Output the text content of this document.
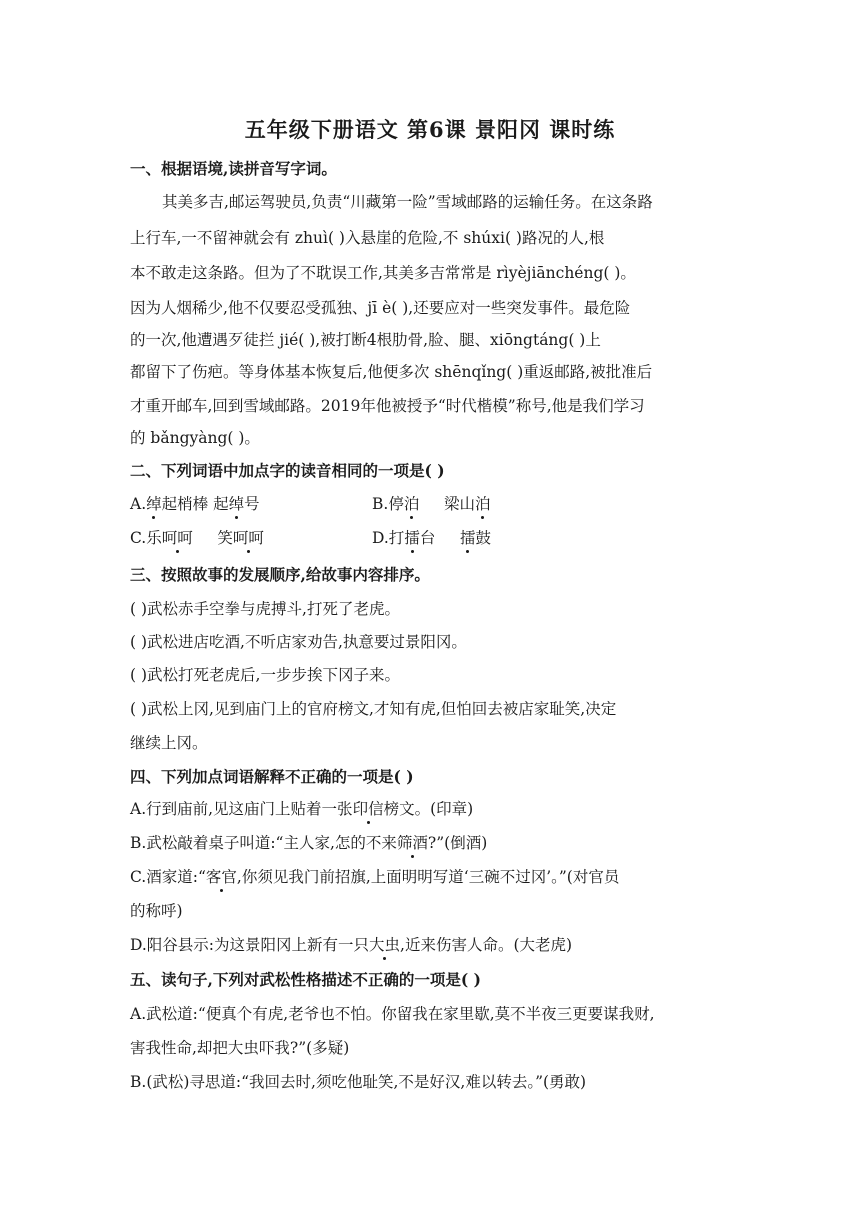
五年级下册语文 第6课 景阳冈 课时练
一、根据语境,读拼音写字词。
其美多吉,邮运驾驶员,负责“川藏第一险”雪域邮路的运输任务。在这条路
上行车,一不留神就会有 zhuì( )入悬崖的危险,不 shúxi( )路况的人,根
本不敢走这条路。但为了不耽误工作,其美多吉常常是 rìyèjiānchéng( )。
因为人烟稀少,他不仅要忍受孤独、jī è( ),还要应对一些突发事件。最危险
的一次,他遭遇歹徒拦 jié( ),被打断4根肋骨,脸、腿、xiōngtáng( )上
都留下了伤疤。等身体基本恢复后,他便多次 shēnqǐng( )重返邮路,被批准后
才重开邮车,回到雪域邮路。2019年他被授予“时代楷模”称号,他是我们学习
的 bǎngyàng( )。
二、下列词语中加点字的读音相同的一项是( )
A.绰起梢棒 起绰号	B.停泊     梁山泊
C.乐呵呵     笑呵呵	D.打擂台     擂鼓
三、按照故事的发展顺序,给故事内容排序。
( )武松赤手空拳与虎搏斗,打死了老虎。
( )武松进店吃酒,不听店家劝告,执意要过景阳冈。
( )武松打死老虎后,一步步挨下冈子来。
( )武松上冈,见到庙门上的官府榜文,才知有虎,但怕回去被店家耻笑,决定
继续上冈。
四、下列加点词语解释不正确的一项是( )
A.行到庙前,见这庙门上贴着一张印信榜文。(印章)
B.武松敲着桌子叫道:“主人家,怎的不来筛酒?”(倒酒)
C.酒家道:“客官,你须见我门前招旗,上面明明写道‘三碗不过冈’。”(对官员
的称呼)
D.阳谷县示:为这景阳冈上新有一只大虫,近来伤害人命。(大老虎)
五、读句子,下列对武松性格描述不正确的一项是( )
A.武松道:“便真个有虎,老爷也不怕。你留我在家里歇,莫不半夜三更要谋我财,
害我性命,却把大虫吓我?”(多疑)
B.(武松)寻思道:“我回去时,须吃他耻笑,不是好汉,难以转去。”(勇敢)
